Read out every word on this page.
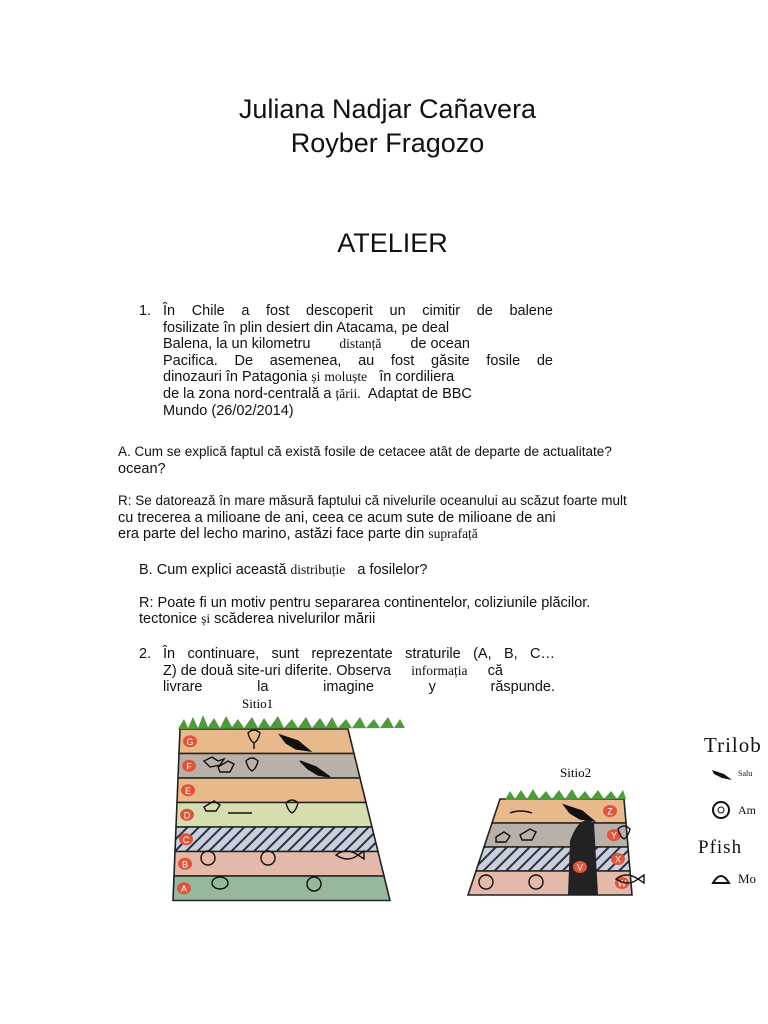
Juliana Nadjar Cañavera
Royber Fragozo
ATELIER
1. În Chile a fost descoperit un cimitir de balene
fosilizate în plin desiert din Atacama, pe deal
Balena, la un kilometru distanță de ocean
Pacifica. De asemenea, au fost găsite fosile de
dinozauri în Patagonia și moluște în cordiliera
de la zona nord-centrală a țării. Adaptat de BBC
Mundo (26/02/2014)
A. Cum se explică faptul că există fosile de cetacee atât de departe de actualitate?
ocean?
R: Se datorează în mare măsură faptului că nivelurile oceanului au scăzut foarte mult
cu trecerea a milioane de ani, ceea ce acum sute de milioane de ani
era parte del lecho marino, astăzi face parte din suprafață
B. Cum explici această distribuție a fosilelor?
R: Poate fi un motiv pentru separarea continentelor, coliziunile plăcilor.
tectonice și scăderea nivelurilor mării
2. În continuare, sunt reprezentate straturile (A, B, C…
Z) de două site-uri diferite. Observa informația că
livrare	la	imagine	y	răspunde.
Sitio1
Sitio2
G
F
E
D
C
B
A
Z
Y
X
W
V
Trilob
Salu
Am
Pfish
Mo
